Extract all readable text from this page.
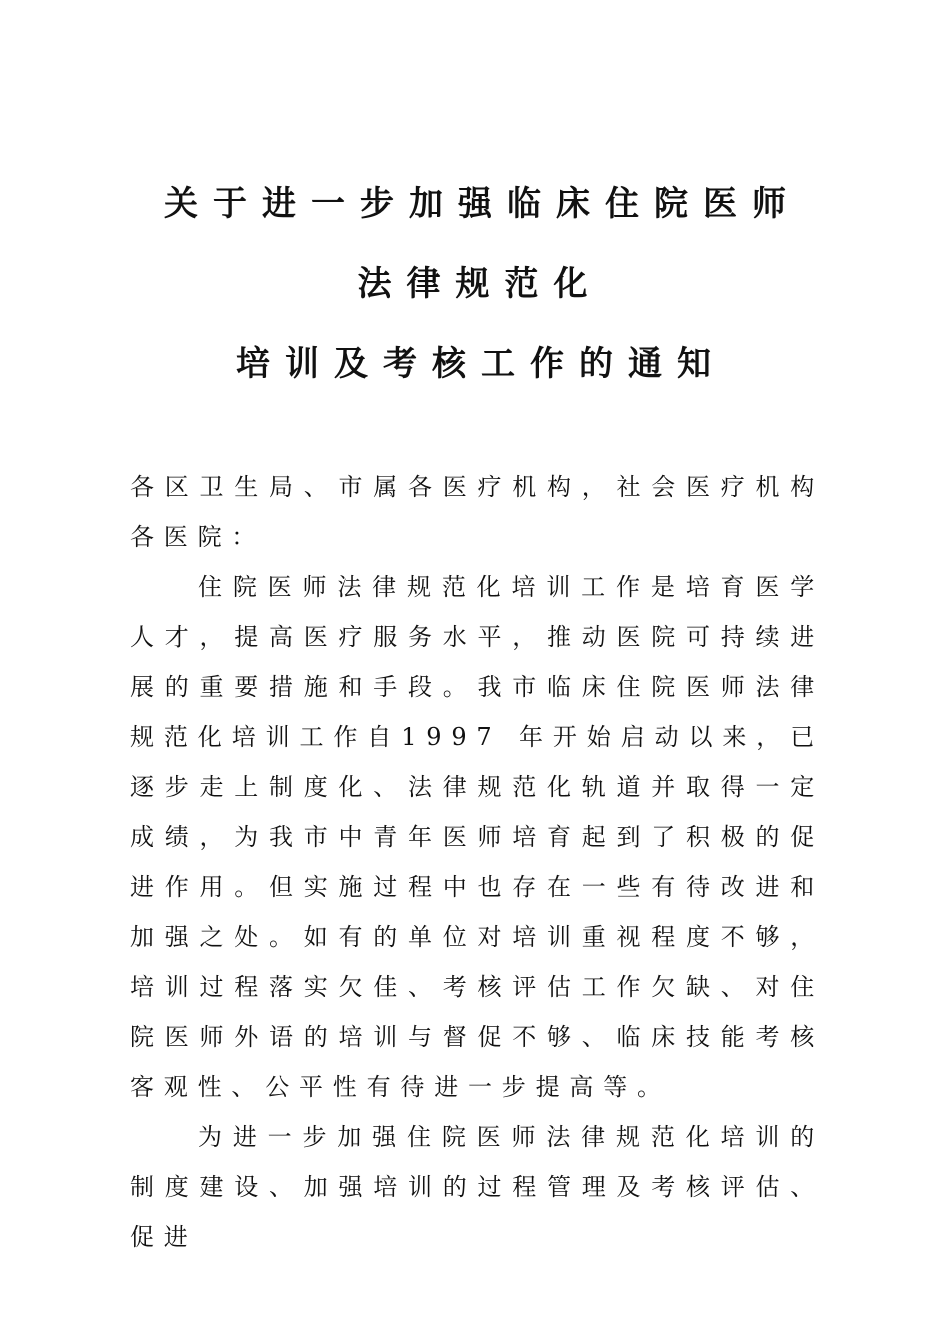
关于进一步加强临床住院医师
法律规范化
培训及考核工作的通知

各区卫生局、市属各医疗机构，社会医疗机构各医院：

住院医师法律规范化培训工作是培育医学人才，提高医疗服务水平，推动医院可持续进展的重要措施和手段。我市临床住院医师法律规范化培训工作自1997 年开始启动以来，已逐步走上制度化、法律规范化轨道并取得一定成绩，为我市中青年医师培育起到了积极的促进作用。但实施过程中也存在一些有待改进和加强之处。如有的单位对培训重视程度不够，培训过程落实欠佳、考核评估工作欠缺、对住院医师外语的培训与督促不够、临床技能考核客观性、公平性有待进一步提高等。

为进一步加强住院医师法律规范化培训的制度建设、加强培训的过程管理及考核评估、促进
